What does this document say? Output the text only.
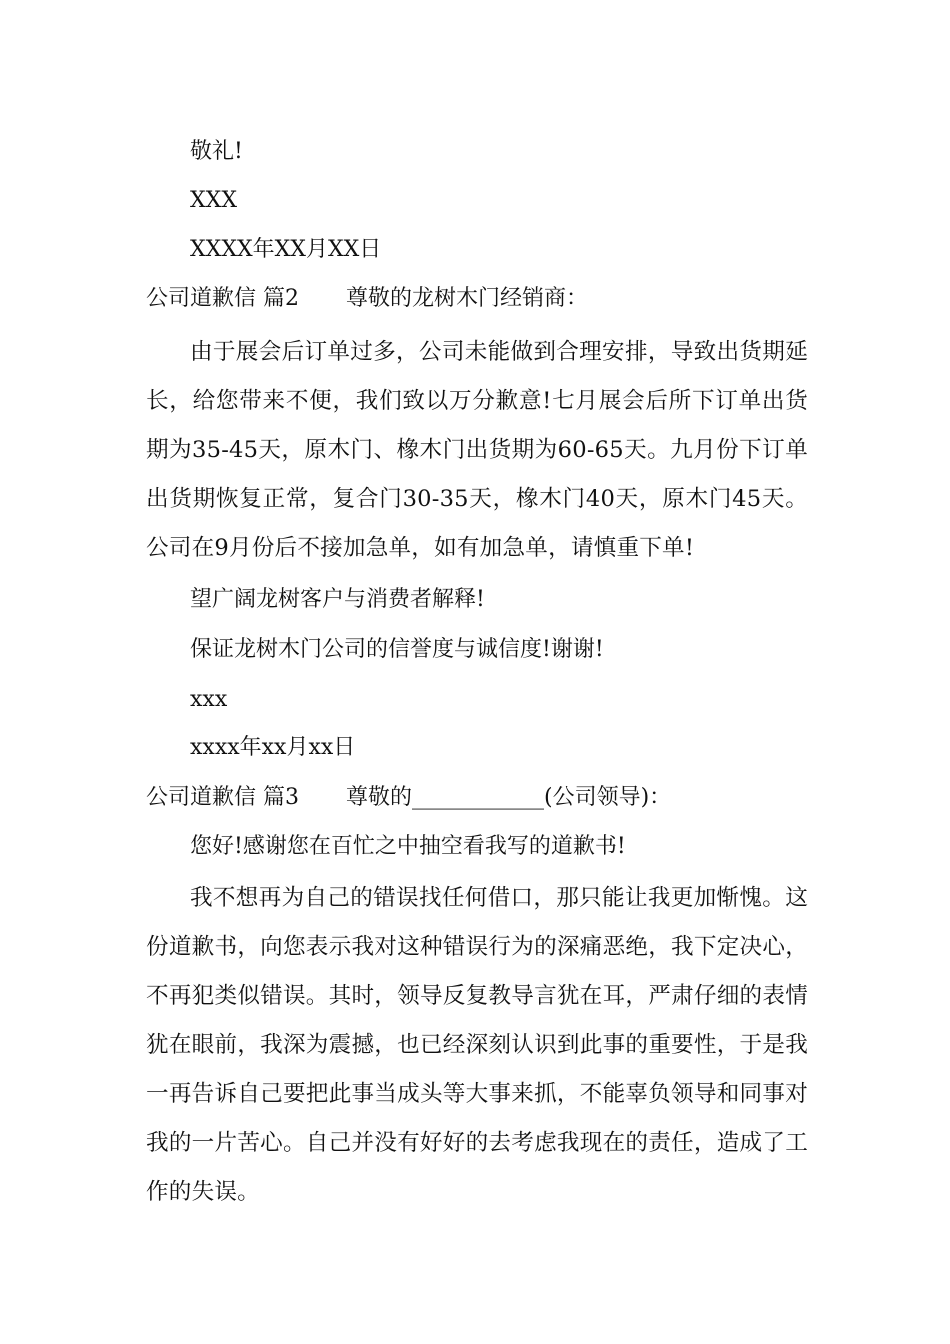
敬礼!
XXX
XXXX年XX月XX日
公司道歉信 篇2 尊敬的龙树木门经销商：
由于展会后订单过多，公司未能做到合理安排，导致出货期延长，给您带来不便，我们致以万分歉意!七月展会后所下订单出货期为35-45天，原木门、橡木门出货期为60-65天。九月份下订单出货期恢复正常，复合门30-35天，橡木门40天，原木门45天。公司在9月份后不接加急单，如有加急单，请慎重下单!
望广阔龙树客户与消费者解释!
保证龙树木门公司的信誉度与诚信度!谢谢!
xxx
xxxx年xx月xx日
公司道歉信 篇3 尊敬的____________(公司领导)：
您好!感谢您在百忙之中抽空看我写的道歉书!
我不想再为自己的错误找任何借口，那只能让我更加惭愧。这份道歉书，向您表示我对这种错误行为的深痛恶绝，我下定决心，不再犯类似错误。其时，领导反复教导言犹在耳，严肃仔细的表情犹在眼前，我深为震撼，也已经深刻认识到此事的重要性，于是我一再告诉自己要把此事当成头等大事来抓，不能辜负领导和同事对我的一片苦心。自己并没有好好的去考虑我现在的责任，造成了工作的失误。
